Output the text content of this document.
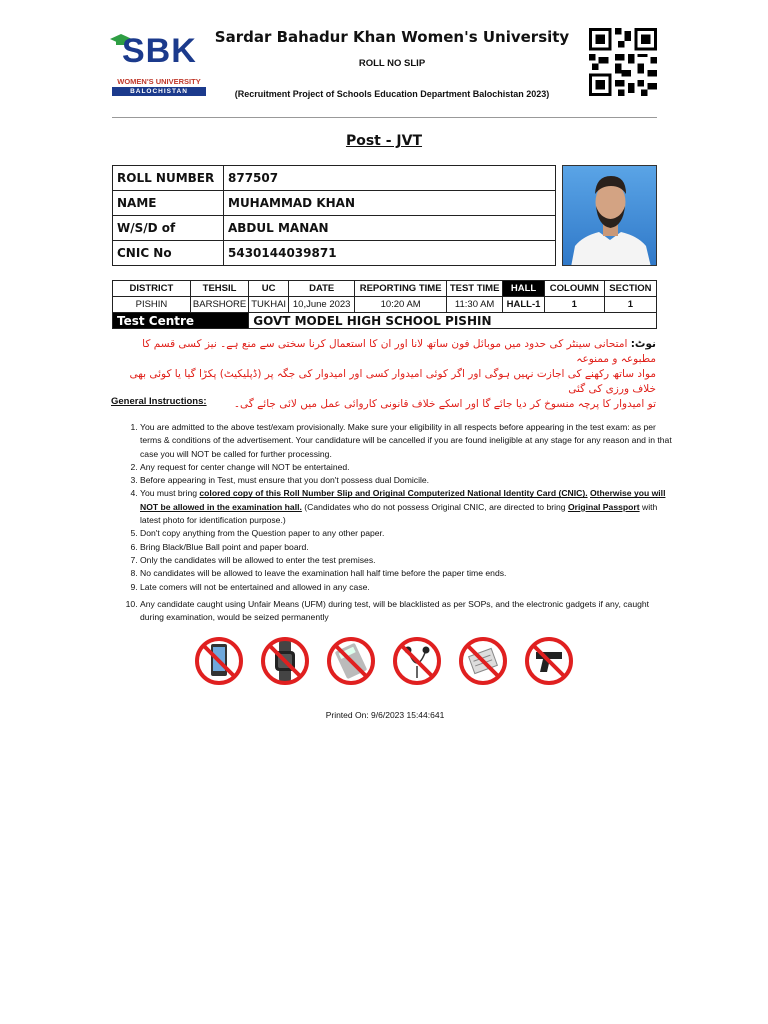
SBK
WOMEN'S UNIVERSITY
BALOCHISTAN
Sardar Bahadur Khan Women's University
ROLL NO SLIP
(Recruitment Project of Schools Education Department Balochistan 2023)
Post - JVT
ROLL NUMBER	877507
NAME	MUHAMMAD KHAN
W/S/D of	ABDUL MANAN
CNIC No	5430144039871
DISTRICT	TEHSIL	UC	DATE	REPORTING TIME	TEST TIME	HALL	COLOUMN	SECTION
PISHIN	BARSHORE	TUKHAI	10,June 2023	10:20 AM	11:30 AM	HALL-1	1	1
Test Centre		GOVT MODEL HIGH SCHOOL PISHIN						
نوٹ: امتحانی سینٹر کی حدود میں موبائل فون ساتھ لانا اور ان کا استعمال کرنا سختی سے منع ہے۔ نیز کسی قسم کا مطبوعہ و ممنوعہ
مواد ساتھ رکھنے کی اجازت نہیں ہوگی اور اگر کوئی امیدوار کسی اور امیدوار کی جگہ پر (ڈپلیکیٹ) پکڑا گیا یا کوئی بھی خلاف ورزی کی گئی
تو امیدوار کا پرچہ منسوخ کر دیا جائے گا اور اسکے خلاف قانونی کاروائی عمل میں لائی جائے گی۔
General Instructions:
1. You are admitted to the above test/exam provisionally. Make sure your eligibility in all respects before appearing in the test exam: as per terms & conditions of the advertisement. Your candidature will be cancelled if you are found ineligible at any stage for any reason and in that case you will NOT be called for further processing.
2. Any request for center change will NOT be entertained.
3. Before appearing in Test, must ensure that you don't possess dual Domicile.
4. You must bring colored copy of this Roll Number Slip and Original Computerized National Identity Card (CNIC). Otherwise you will NOT be allowed in the examination hall. (Candidates who do not possess Original CNIC, are directed to bring Original Passport with latest photo for identification purpose.)
5. Don't copy anything from the Question paper to any other paper.
6. Bring Black/Blue Ball point and paper board.
7. Only the candidates will be allowed to enter the test premises.
8. No candidates will be allowed to leave the examination hall half time before the paper time ends.
9. Late comers will not be entertained and allowed in any case.
10. Any candidate caught using Unfair Means (UFM) during test, will be blacklisted as per SOPs, and the electronic gadgets if any, caught during examination, would be seized permanently
Printed On: 9/6/2023 15:44:641
